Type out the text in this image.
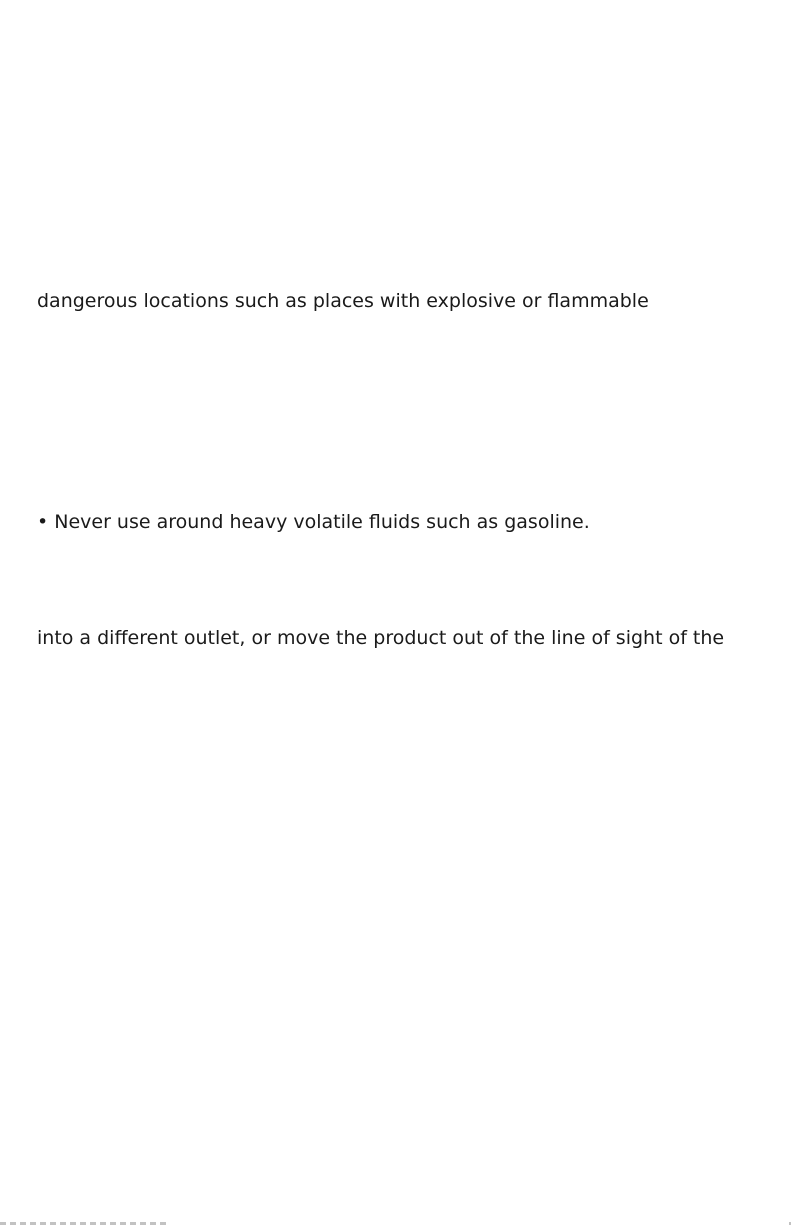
dangerous locations such as places with explosive or flammable

• Never use around heavy volatile fluids such as gasoline.

into a different outlet, or move the product out of the line of sight of the
